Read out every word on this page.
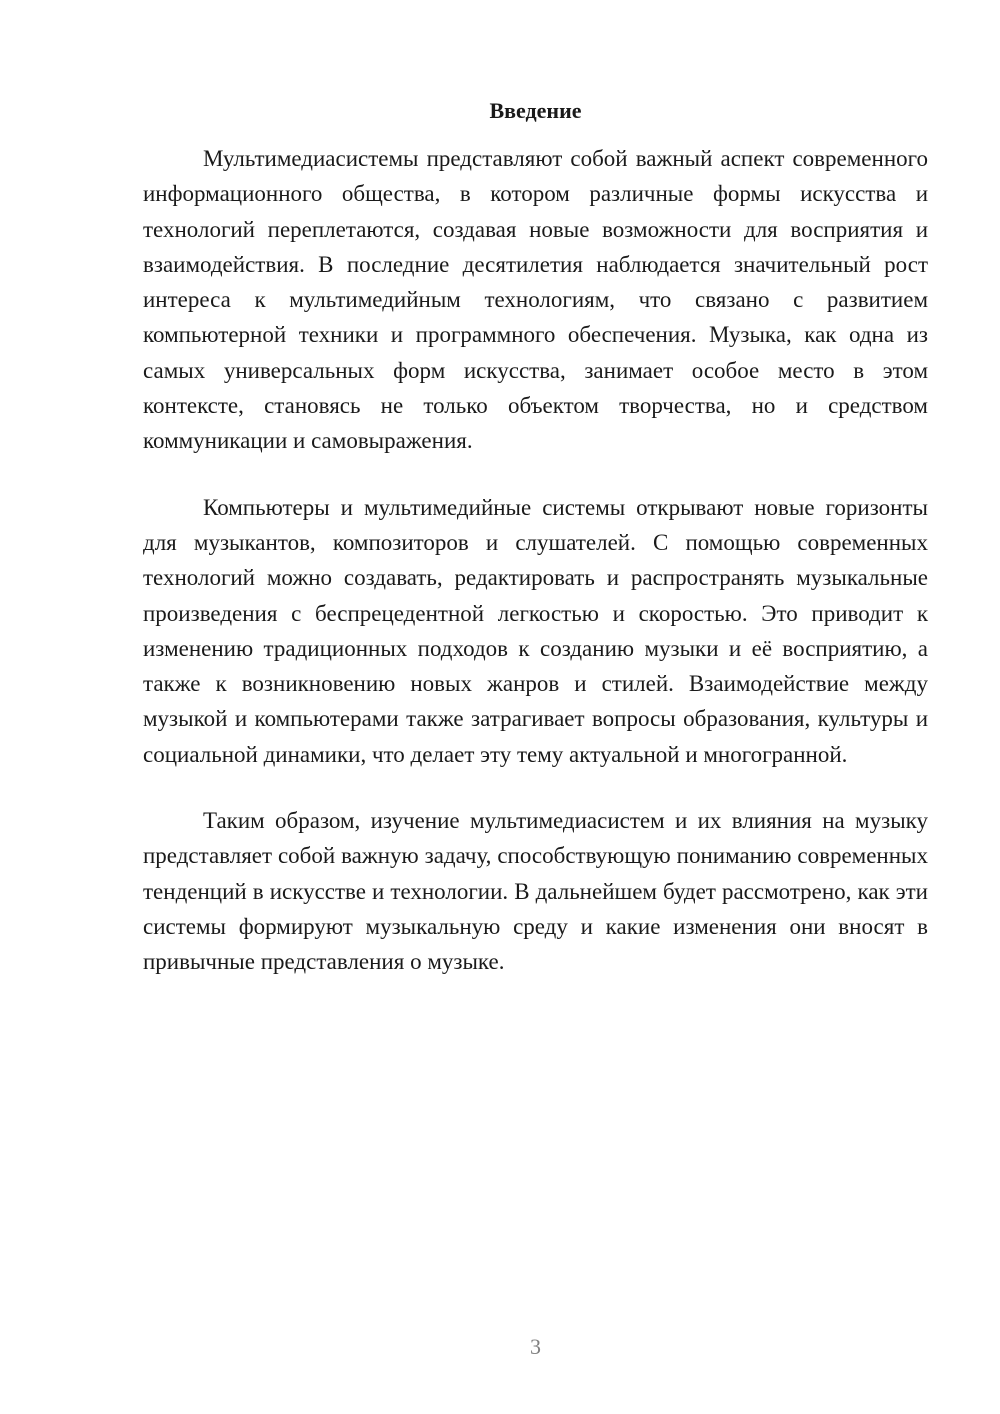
Введение

Мультимедиасистемы представляют собой важный аспект современного информационного общества, в котором различные формы искусства и технологий переплетаются, создавая новые возможности для восприятия и взаимодействия. В последние десятилетия наблюдается значительный рост интереса к мультимедийным технологиям, что связано с развитием компьютерной техники и программного обеспечения. Музыка, как одна из самых универсальных форм искусства, занимает особое место в этом контексте, становясь не только объектом творчества, но и средством коммуникации и самовыражения.

Компьютеры и мультимедийные системы открывают новые горизонты для музыкантов, композиторов и слушателей. С помощью современных технологий можно создавать, редактировать и распространять музыкальные произведения с беспрецедентной легкостью и скоростью. Это приводит к изменению традиционных подходов к созданию музыки и её восприятию, а также к возникновению новых жанров и стилей. Взаимодействие между музыкой и компьютерами также затрагивает вопросы образования, культуры и социальной динамики, что делает эту тему актуальной и многогранной.

Таким образом, изучение мультимедиасистем и их влияния на музыку представляет собой важную задачу, способствующую пониманию современных тенденций в искусстве и технологии. В дальнейшем будет рассмотрено, как эти системы формируют музыкальную среду и какие изменения они вносят в привычные представления о музыке.

3
